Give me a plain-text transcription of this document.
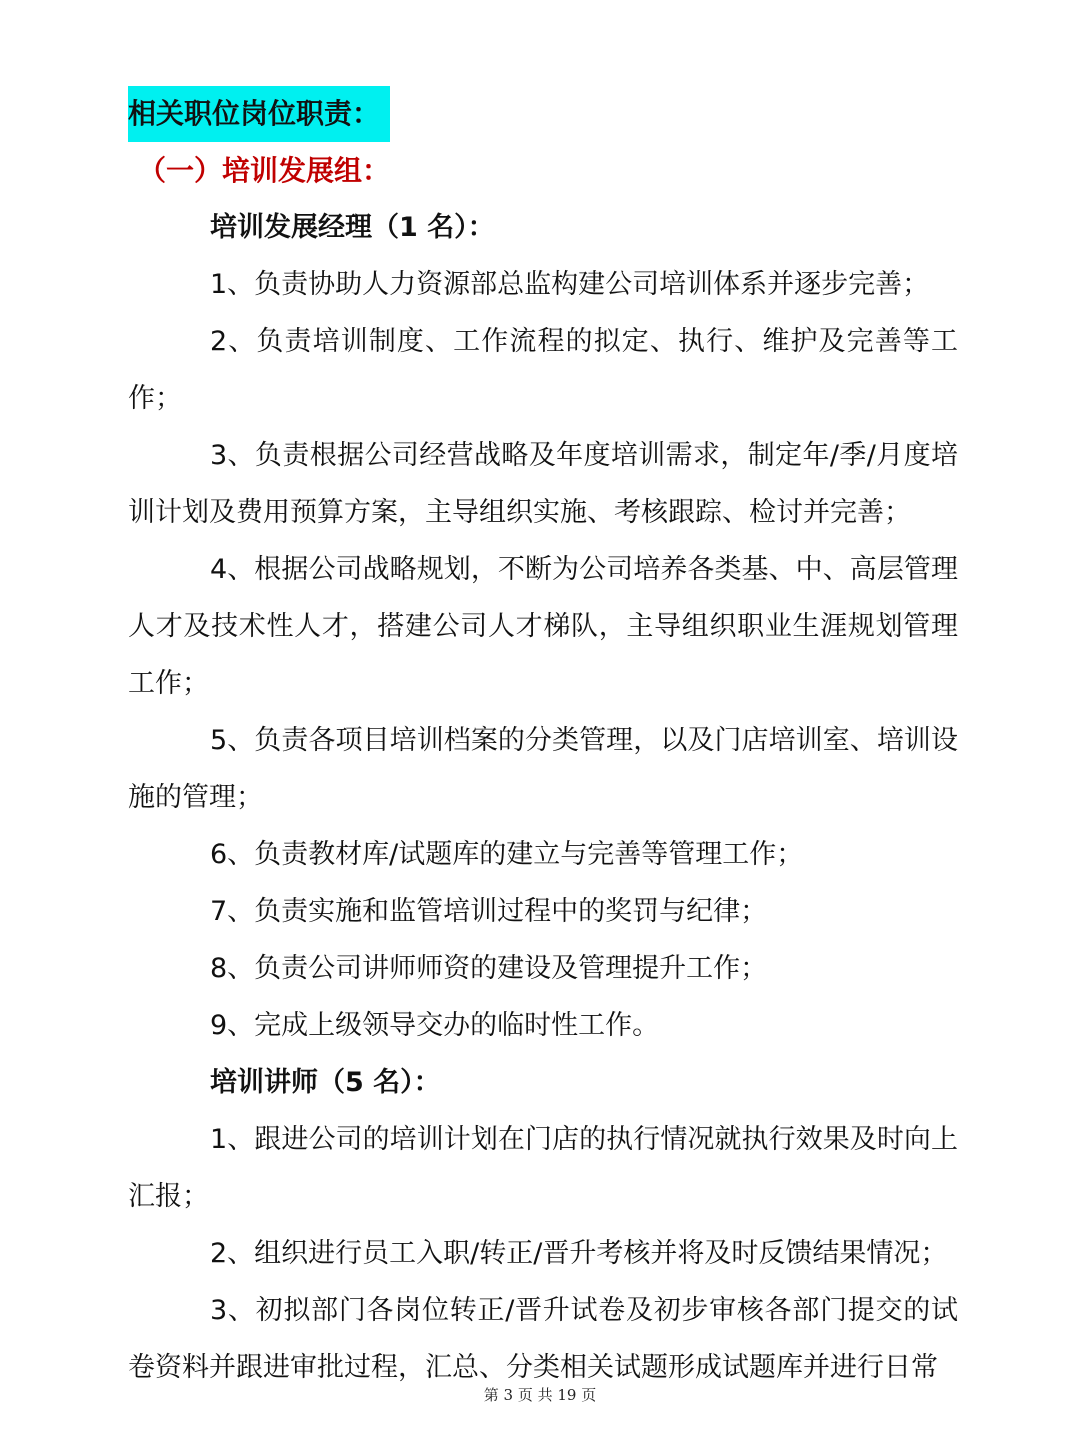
相关职位岗位职责：

（一）培训发展组：

培训发展经理（1 名）：

1、负责协助人力资源部总监构建公司培训体系并逐步完善；

2、负责培训制度、工作流程的拟定、执行、维护及完善等工作；

3、负责根据公司经营战略及年度培训需求，制定年/季/月度培训计划及费用预算方案，主导组织实施、考核跟踪、检讨并完善；

4、根据公司战略规划，不断为公司培养各类基、中、高层管理人才及技术性人才，搭建公司人才梯队，主导组织职业生涯规划管理工作；

5、负责各项目培训档案的分类管理，以及门店培训室、培训设施的管理；

6、负责教材库/试题库的建立与完善等管理工作；

7、负责实施和监管培训过程中的奖罚与纪律；

8、负责公司讲师师资的建设及管理提升工作；

9、完成上级领导交办的临时性工作。

培训讲师（5 名）：

1、跟进公司的培训计划在门店的执行情况就执行效果及时向上汇报；

2、组织进行员工入职/转正/晋升考核并将及时反馈结果情况；

3、初拟部门各岗位转正/晋升试卷及初步审核各部门提交的试卷资料并跟进审批过程，汇总、分类相关试题形成试题库并进行日常

第 3 页 共 19 页
